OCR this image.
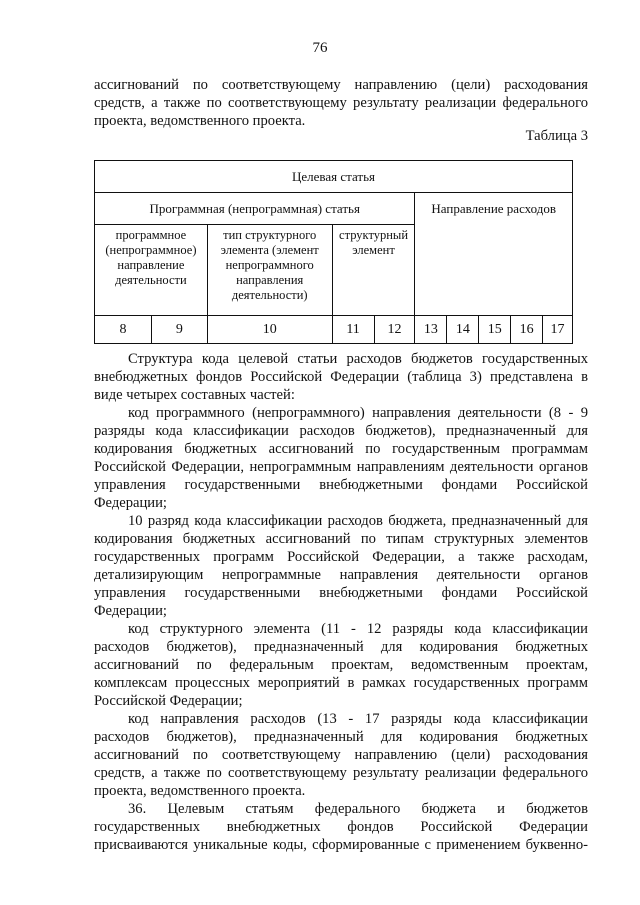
76
ассигнований по соответствующему направлению (цели) расходования
средств, а также по соответствующему результату реализации федерального
проекта, ведомственного проекта.
Таблица 3
Целевая статья									
Программная (непрограммная) статья					Направление расходов				
программное (непрограммное) направление деятельности		тип структурного элемента (элемент непрограммного направления деятельности)	структурный элемент						
8	9	10	11	12	13	14	15	16	17
Структура кода целевой статьи расходов бюджетов государственных
внебюджетных фондов Российской Федерации (таблица 3) представлена в
виде четырех составных частей:
код программного (непрограммного) направления деятельности (8 - 9
разряды кода классификации расходов бюджетов), предназначенный для
кодирования бюджетных ассигнований по государственным программам
Российской Федерации, непрограммным направлениям деятельности органов
управления государственными внебюджетными фондами Российской
Федерации;
10 разряд кода классификации расходов бюджета, предназначенный для
кодирования бюджетных ассигнований по типам структурных элементов
государственных программ Российской Федерации, а также расходам,
детализирующим непрограммные направления деятельности органов
управления государственными внебюджетными фондами Российской
Федерации;
код структурного элемента (11 - 12 разряды кода классификации
расходов бюджетов), предназначенный для кодирования бюджетных
ассигнований по федеральным проектам, ведомственным проектам,
комплексам процессных мероприятий в рамках государственных программ
Российской Федерации;
код направления расходов (13 - 17 разряды кода классификации
расходов бюджетов), предназначенный для кодирования бюджетных
ассигнований по соответствующему направлению (цели) расходования
средств, а также по соответствующему результату реализации федерального
проекта, ведомственного проекта.
36. Целевым статьям федерального бюджета и бюджетов
государственных внебюджетных фондов Российской Федерации
присваиваются уникальные коды, сформированные с применением буквенно-
